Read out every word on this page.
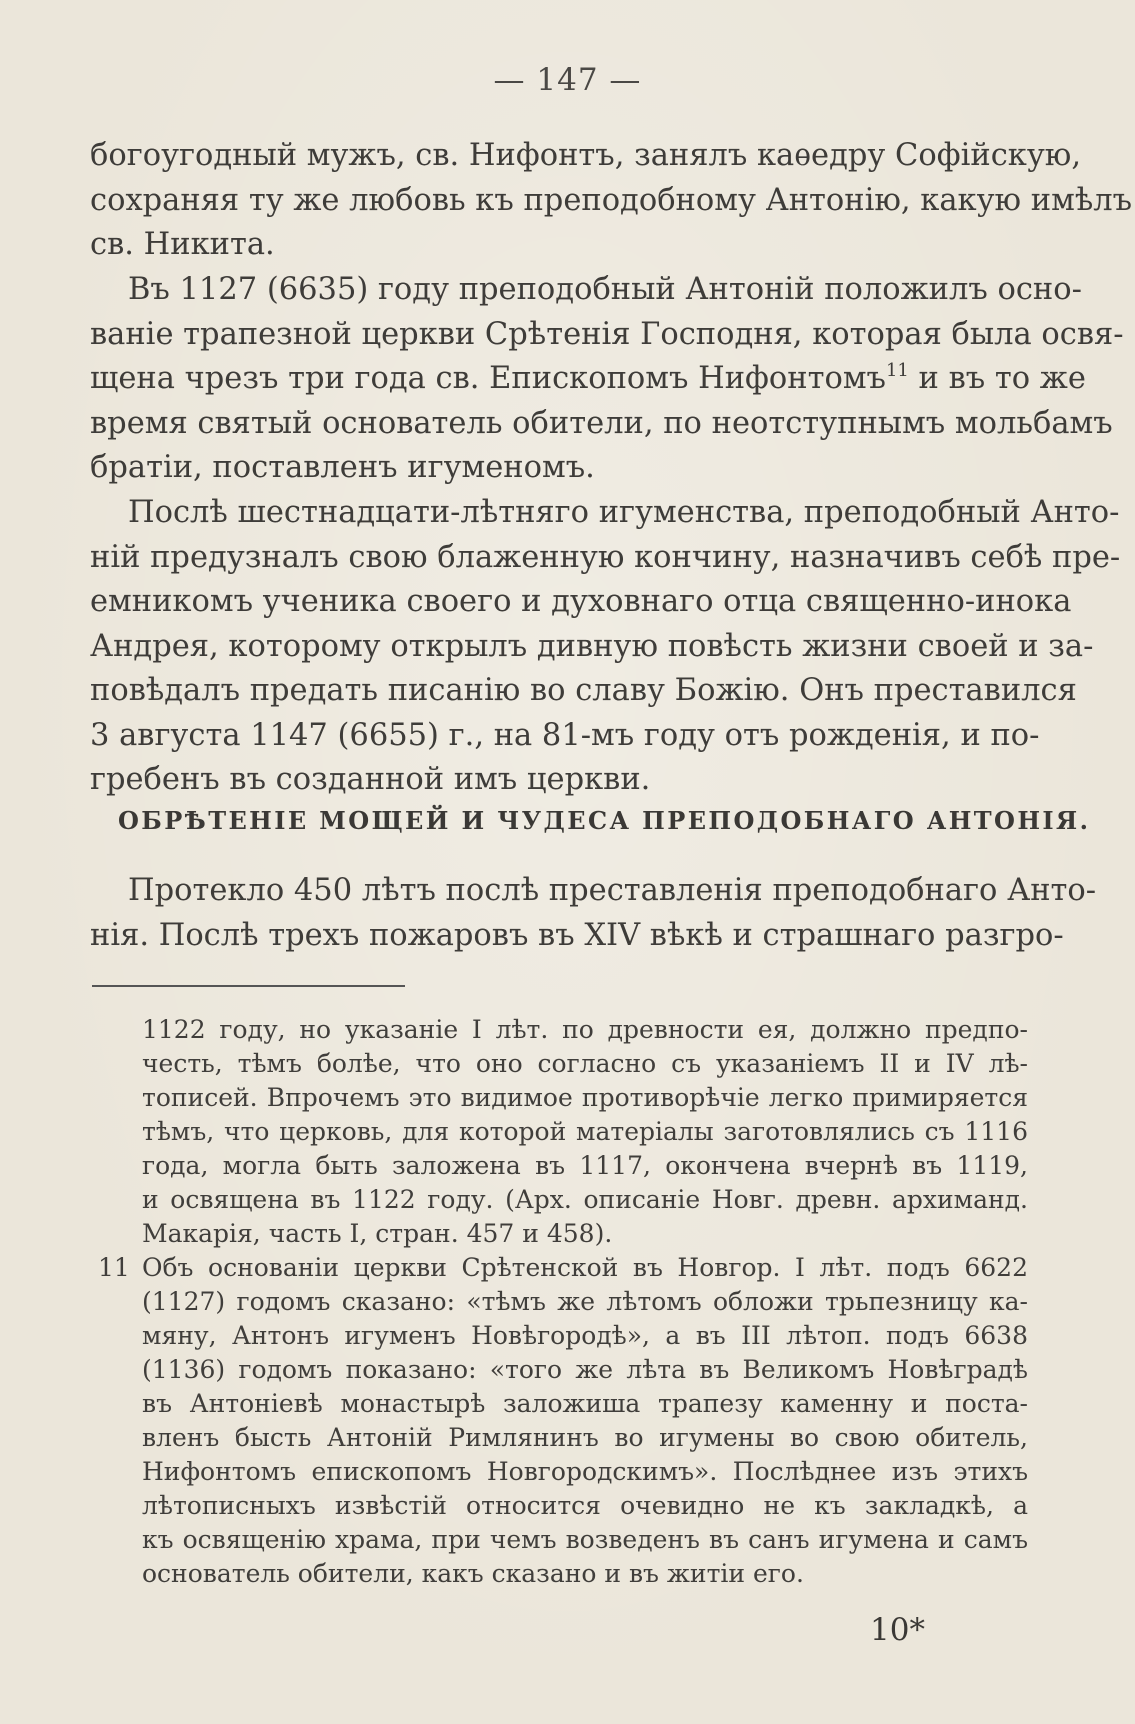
— 147 —
богоугодный мужъ, св. Нифонтъ, занялъ каѳедру Софійскую,
сохраняя ту же любовь къ преподобному Антонію, какую имѣлъ
св. Никита.
Въ 1127 (6635) году преподобный Антоній положилъ осно-
ваніе трапезной церкви Срѣтенія Господня, которая была освя-
щена чрезъ три года св. Епископомъ Нифонтомъ$^{11}$ и въ то же
время святый основатель обители, по неотступнымъ мольбамъ
братіи, поставленъ игуменомъ.
Послѣ шестнадцати-лѣтняго игуменства, преподобный Анто-
ній предузналъ свою блаженную кончину, назначивъ себѣ пре-
емникомъ ученика своего и духовнаго отца священно-инока
Андрея, которому открылъ дивную повѣсть жизни своей и за-
повѣдалъ предать писанію во славу Божію. Онъ преставился
3 августа 1147 (6655) г., на 81-мъ году отъ рожденія, и по-
гребенъ въ созданной имъ церкви.
ОБРѢТЕНІЕ МОЩЕЙ И ЧУДЕСА ПРЕПОДОБНАГО АНТОНІЯ.
Протекло 450 лѣтъ послѣ преставленія преподобнаго Анто-
нія. Послѣ трехъ пожаровъ въ XIV вѣкѣ и страшнаго разгро-
1122 году, но указаніе I лѣт. по древности ея, должно предпо-
честь, тѣмъ болѣе, что оно согласно съ указаніемъ II и IV лѣ-
тописей. Впрочемъ это видимое противорѣчіе легко примиряется
тѣмъ, что церковь, для которой матеріалы заготовлялись съ 1116
года, могла быть заложена въ 1117, окончена вчернѣ въ 1119,
и освящена въ 1122 году. (Арх. описаніе Новг. древн. архиманд.
Макарія, часть I, стран. 457 и 458).
11 Объ основаніи церкви Срѣтенской въ Новгор. I лѣт. подъ 6622
(1127) годомъ сказано: «тѣмъ же лѣтомъ обложи трьпезницу ка-
мяну, Антонъ игуменъ Новѣгородѣ», а въ III лѣтоп. подъ 6638
(1136) годомъ показано: «того же лѣта въ Великомъ Новѣградѣ
въ Антоніевѣ монастырѣ заложиша трапезу каменну и поста-
вленъ бысть Антоній Римлянинъ во игумены во свою обитель,
Нифонтомъ епископомъ Новгородскимъ». Послѣднее изъ этихъ
лѣтописныхъ извѣстій относится очевидно не къ закладкѣ, а
къ освященію храма, при чемъ возведенъ въ санъ игумена и самъ
основатель обители, какъ сказано и въ житіи его.
10*
